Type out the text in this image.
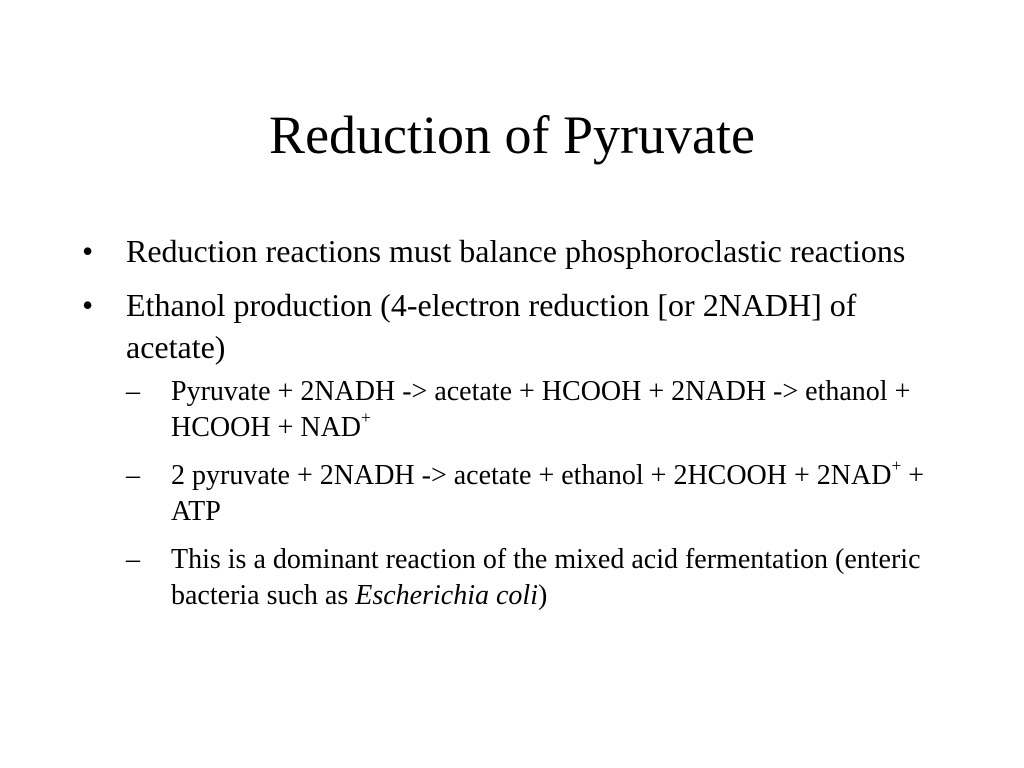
Reduction of Pyruvate
• Reduction reactions must balance phosphoroclastic reactions
• Ethanol production (4-electron reduction [or 2NADH] of acetate)
– Pyruvate + 2NADH -> acetate + HCOOH + 2NADH -> ethanol + HCOOH + NAD+
– 2 pyruvate + 2NADH -> acetate + ethanol + 2HCOOH + 2NAD+ + ATP
– This is a dominant reaction of the mixed acid fermentation (enteric bacteria such as Escherichia coli)
